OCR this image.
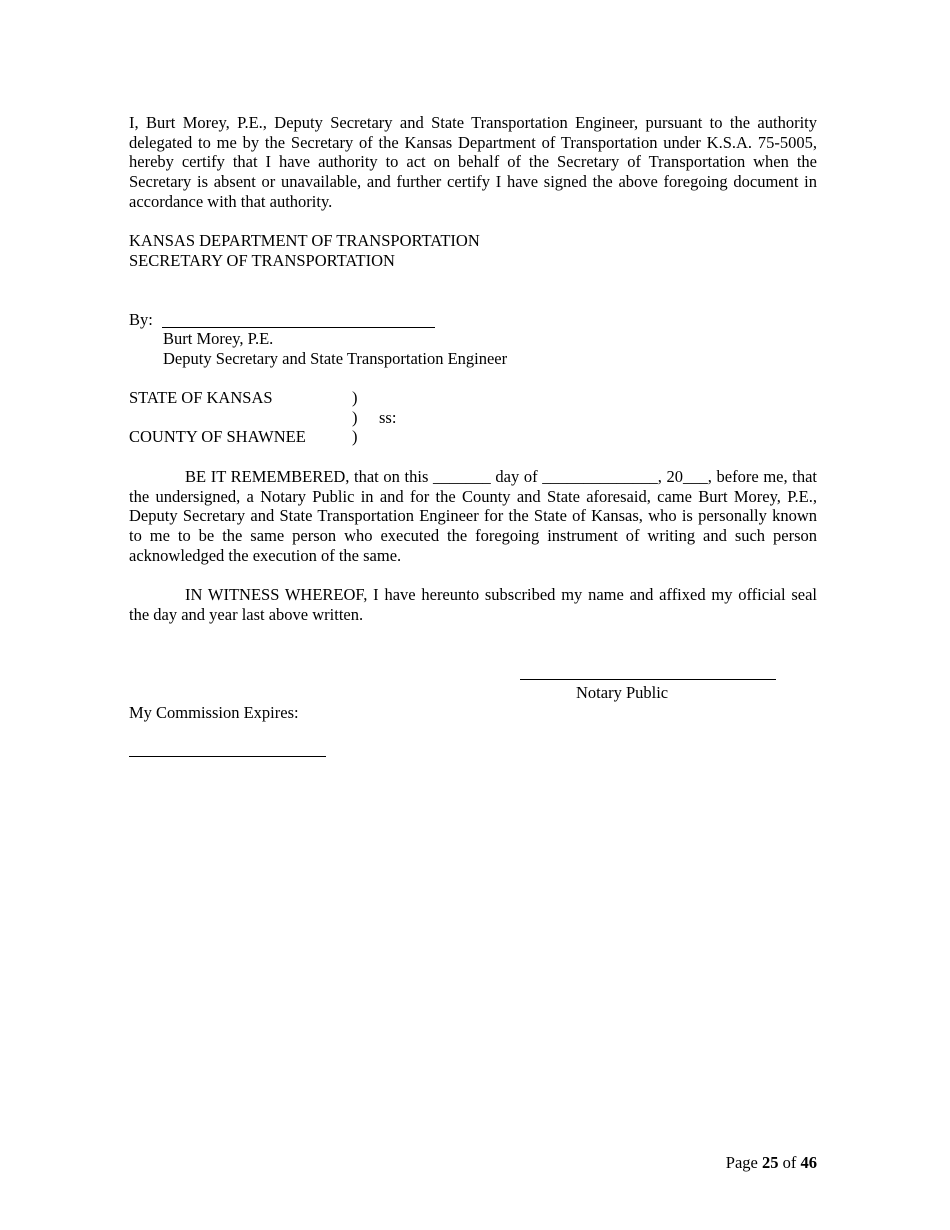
I, Burt Morey, P.E., Deputy Secretary and State Transportation Engineer, pursuant to the authority delegated to me by the Secretary of the Kansas Department of Transportation under K.S.A. 75-5005, hereby certify that I have authority to act on behalf of the Secretary of Transportation when the Secretary is absent or unavailable, and further certify I have signed the above foregoing document in accordance with that authority.

KANSAS DEPARTMENT OF TRANSPORTATION

SECRETARY OF TRANSPORTATION

By:

Burt Morey, P.E.

Deputy Secretary and State Transportation Engineer

STATE OF KANSAS	)

) ss:

COUNTY OF SHAWNEE	)

BE IT REMEMBERED, that on this _______ day of ______________, 20___, before me, that the undersigned, a Notary Public in and for the County and State aforesaid, came Burt Morey, P.E., Deputy Secretary and State Transportation Engineer for the State of Kansas, who is personally known to me to be the same person who executed the foregoing instrument of writing and such person acknowledged the execution of the same.

IN WITNESS WHEREOF, I have hereunto subscribed my name and affixed my official seal the day and year last above written.

Notary Public

My Commission Expires:

Page 25 of 46
